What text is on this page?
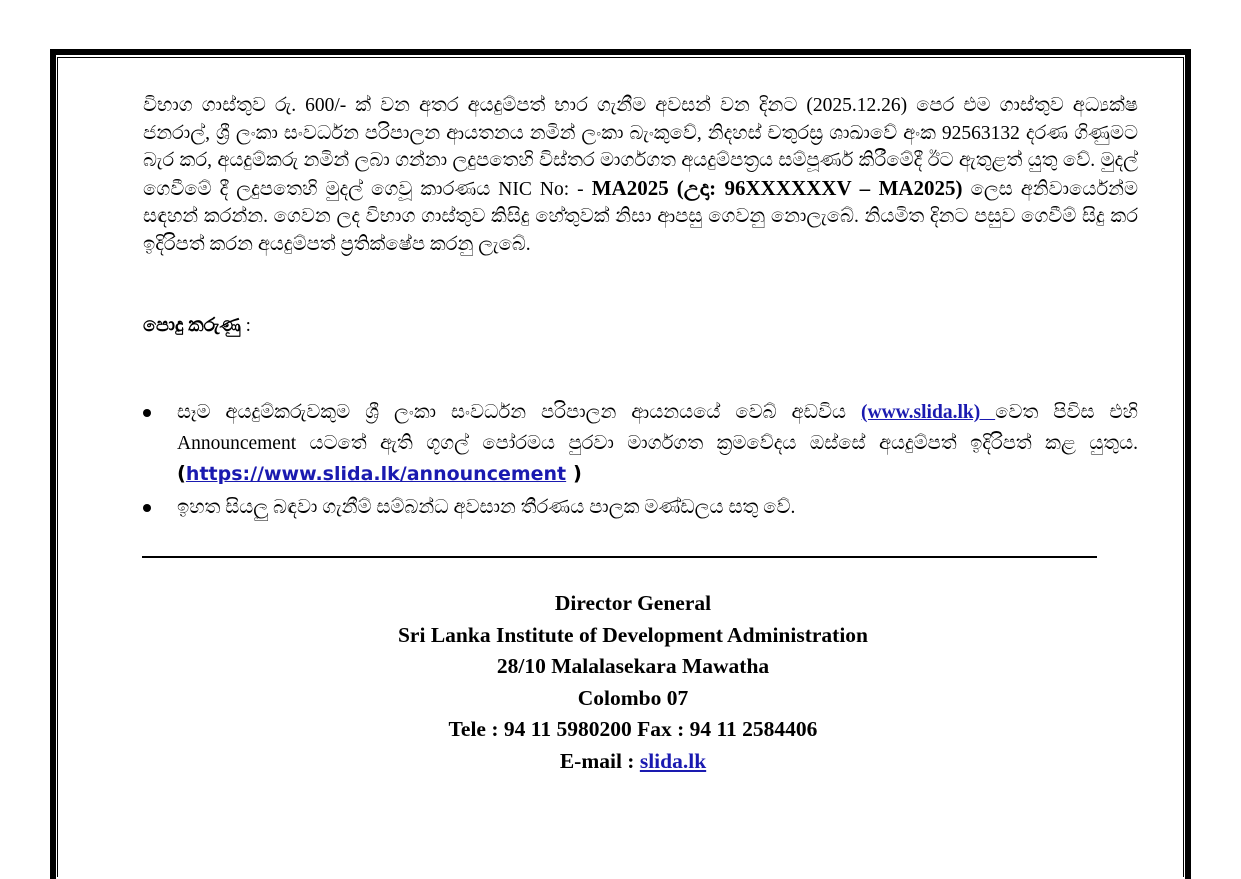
විභාග ගාස්තුව රු. 600/- ක් වන අතර අයදුම්පත් භාර ගැනීම අවසන් වන දිනට (2025.12.26) පෙර එම ගාස්තුව අධ්‍යක්ෂ ජනරාල්, ශ්‍රී ලංකා සංවර්ධන පරිපාලන ආයතනය නමින් ලංකා බැංකුවේ, නිදහස් චතුරස්‍ර ශාඛාවේ අංක 92563132 දරණ ගිණුමට බැර කර, අයදුම්කරු නමින් ලබා ගන්නා ලදුපතෙහි විස්තර මාර්ගගත අයදුම්පත්‍රය සම්පූර්ණ කිරීමේදී ඊට ඇතුළත් යුතු වේ. මුදල් ගෙවීමේ දී ලදුපතෙහි මුදල් ගෙවූ කාරණය NIC No: - MA2025 (උදා: 96XXXXXXV – MA2025) ලෙස අනිවාර්යෙන්ම සඳහන් කරන්න. ගෙවන ලද විභාග ගාස්තුව කිසිදු හේතුවක් නිසා ආපසු ගෙවනු නොලැබේ. නියමිත දිනට පසුව ගෙවීම් සිදු කර ඉදිරිපත් කරන අයදුම්පත් ප්‍රතික්ෂේප කරනු ලැබේ.

පොදු කරුණු :
සෑම අයදුම්කරුවකුම ශ්‍රී ලංකා සංවර්ධන පරිපාලන ආයනයයේ වෙබ් අඩවිය (www.slida.lk) වෙත පිවිස එහි Announcement යටතේ ඇති ගූගල් පෝරමය පුරවා මාර්ගගත ක්‍රමවේදය ඔස්සේ අයදුම්පත් ඉදිරිපත් කළ යුතුය. (https://www.slida.lk/announcement )
ඉහත සියලු බඳවා ගැනීම් සම්බන්ධ අවසාන තීරණය පාලක මණ්ඩලය සතු වේ.
Director General
Sri Lanka Institute of Development Administration
28/10 Malalasekara Mawatha
Colombo 07
Tele : 94 11 5980200 Fax : 94 11 2584406
E-mail : slida.lk
